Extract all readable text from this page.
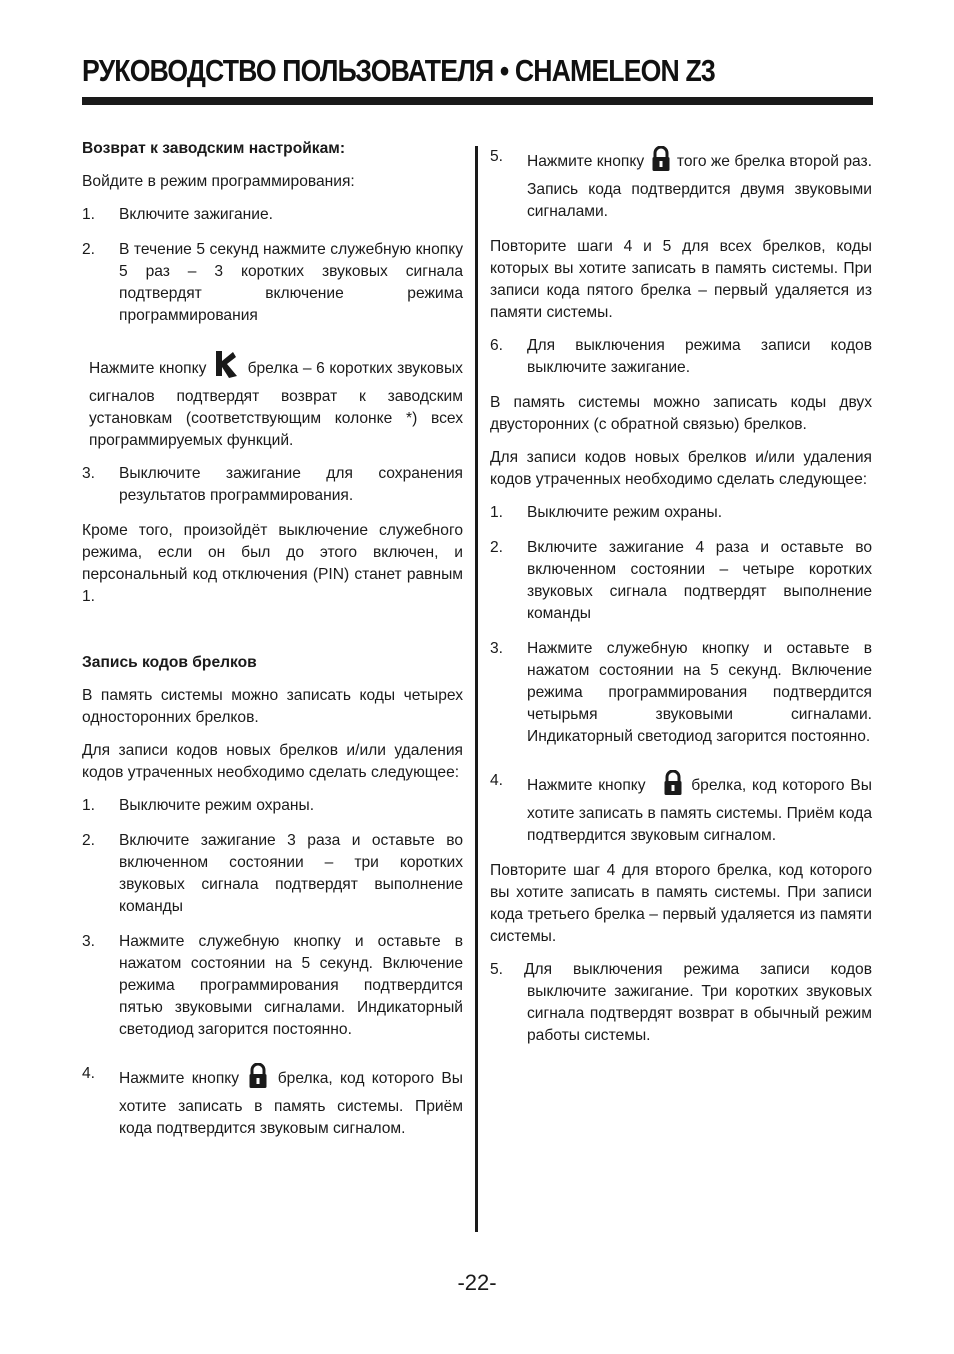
РУКОВОДСТВО ПОЛЬЗОВАТЕЛЯ • CHAMELEON Z3

Возврат к заводским настройкам:

Войдите в режим программирования:

1.	Включите зажигание.
2.	В течение 5 секунд нажмите служебную кнопку 5 раз – 3 коротких звуковых сигнала подтвердят включение режима программирования

Нажмите кнопку	брелка – 6 коротких звуковых сигналов подтвердят возврат к заводским установкам (соответствующим колонке *) всех программируемых функций.

3.	Выключите зажигание для сохранения результатов программирования.

Кроме того, произойдёт выключение служебного режима, если он был до этого включен, и персональный код отключения (PIN) станет равным 1.

Запись кодов брелков

В память системы можно записать коды четырех односторонних брелков.

Для записи кодов новых брелков и/или удаления кодов утраченных необходимо сделать следующее:

1.	Выключите режим охраны.
2.	Включите зажигание 3 раза и оставьте во включенном состоянии – три коротких звуковых сигнала подтвердят выполнение команды
3.	Нажмите служебную кнопку и оставьте в нажатом состоянии на 5 секунд. Включение режима программирования подтвердится пятью звуковыми сигналами. Индикаторный светодиод загорится постоянно.
4.	Нажмите кнопку брелка, код которого Вы хотите записать в память системы. Приём кода подтвердится звуковым сигналом.
5.	Нажмите кнопку того же брелка второй раз. Запись кода подтвердится двумя звуковыми сигналами.

Повторите шаги 4 и 5 для всех брелков, коды которых вы хотите записать в память системы. При записи кода пятого брелка – первый удаляется из памяти системы.

6.	Для выключения режима записи кодов выключите зажигание.

В память системы можно записать коды двух двусторонних (с обратной связью) брелков.

Для записи кодов новых брелков и/или удаления кодов утраченных необходимо сделать следующее:

1.	Выключите режим охраны.
2.	Включите зажигание 4 раза и оставьте во включенном состоянии – четыре коротких звуковых сигнала подтвердят выполнение команды
3.	Нажмите служебную кнопку и оставьте в нажатом состоянии на 5 секунд. Включение режима программирования подтвердится четырьмя звуковыми сигналами. Индикаторный светодиод загорится постоянно.
4.	Нажмите кнопку	брелка, код которого Вы хотите записать в память системы. Приём кода подтвердится звуковым сигналом.

Повторите шаг 4 для второго брелка, код которого вы хотите записать в память системы. При записи кода третьего брелка – первый удаляется из памяти системы.

5. Для выключения режима записи кодов выключите зажигание. Три коротких звуковых сигнала подтвердят возврат в обычный режим работы системы.

-22-
